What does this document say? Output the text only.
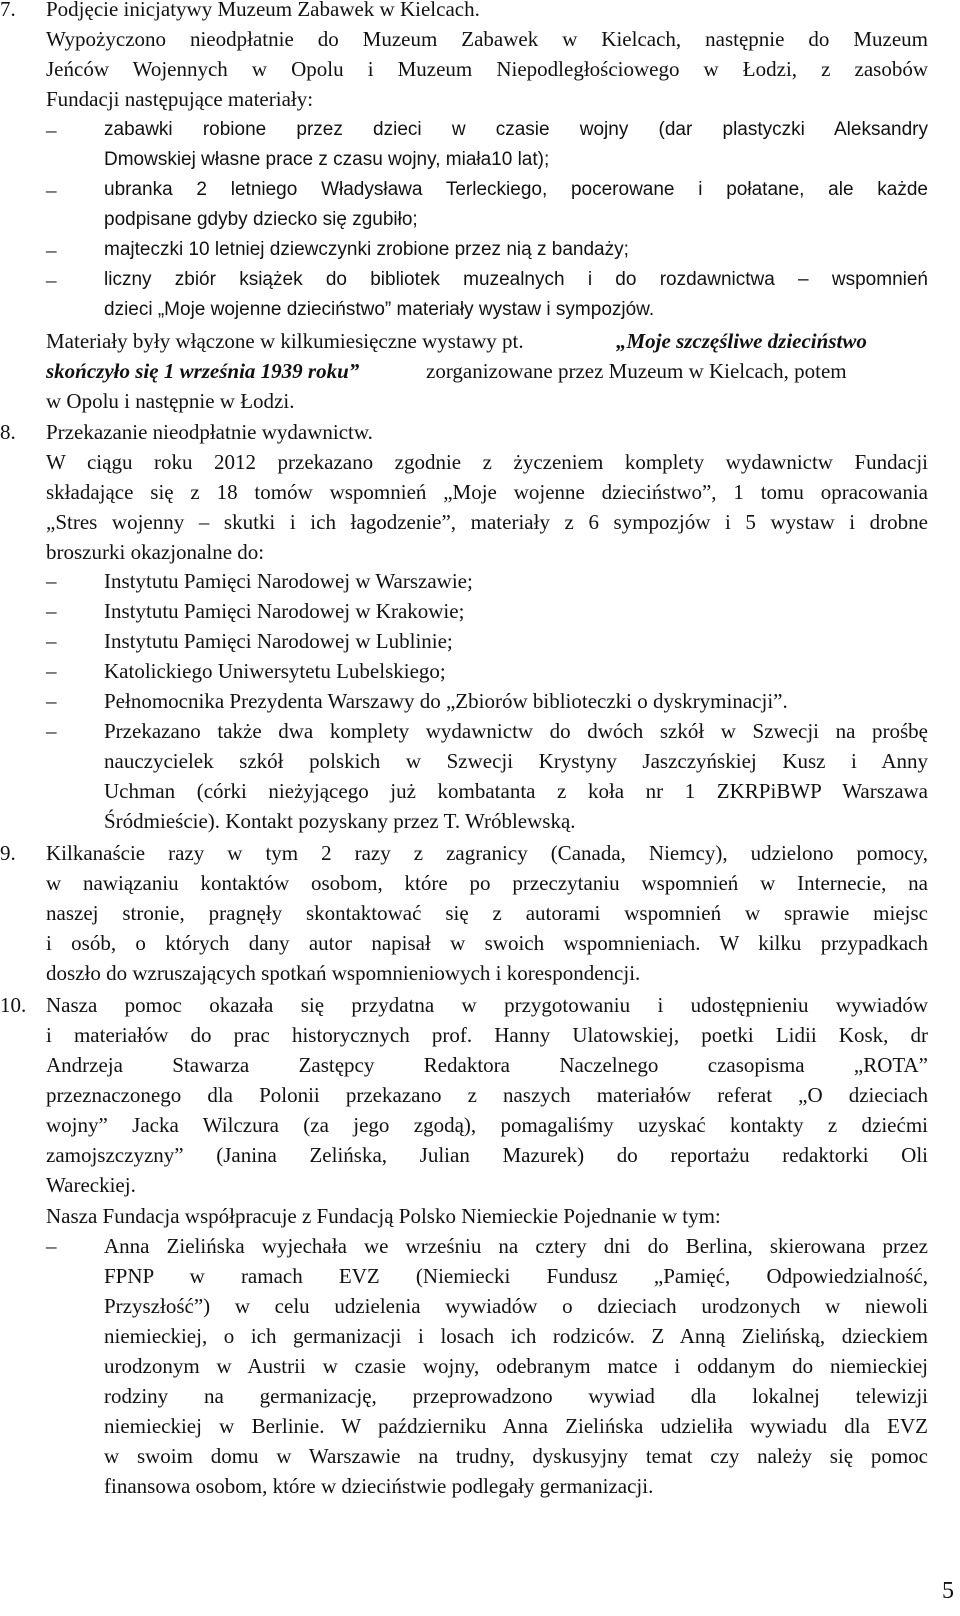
7. Podjęcie inicjatywy Muzeum Zabawek w Kielcach.
Wypożyczono nieodpłatnie do Muzeum Zabawek w Kielcach, następnie do Muzeum
Jeńców Wojennych w Opolu i Muzeum Niepodległościowego w Łodzi, z zasobów
Fundacji następujące materiały:
–	zabawki robione przez dzieci w czasie wojny (dar plastyczki Aleksandry
Dmowskiej własne prace z czasu wojny, miała10 lat);
–	ubranka 2 letniego Władysława Terleckiego, pocerowane i połatane, ale każde
podpisane gdyby dziecko się zgubiło;
–	majteczki 10 letniej dziewczynki zrobione przez nią z bandaży;
–	liczny zbiór książek do bibliotek muzealnych i do rozdawnictwa – wspomnień
dzieci „Moje wojenne dzieciństwo” materiały wystaw i sympozjów.
Materiały były włączone w kilkumiesięczne wystawy pt.	„Moje szczęśliwe dzieciństwo
skończyło się 1 września 1939 roku”	zorganizowane przez Muzeum w Kielcach, potem
w Opolu i następnie w Łodzi.
8. Przekazanie nieodpłatnie wydawnictw.
W ciągu roku 2012 przekazano zgodnie z życzeniem komplety wydawnictw Fundacji
składające się z 18 tomów wspomnień „Moje wojenne dzieciństwo”, 1 tomu opracowania
„Stres wojenny – skutki i ich łagodzenie”, materiały z 6 sympozjów i 5 wystaw i drobne
broszurki okazjonalne do:
– Instytutu Pamięci Narodowej w Warszawie;
– Instytutu Pamięci Narodowej w Krakowie;
– Instytutu Pamięci Narodowej w Lublinie;
– Katolickiego Uniwersytetu Lubelskiego;
– Pełnomocnika Prezydenta Warszawy do „Zbiorów biblioteczki o dyskryminacji”.
– Przekazano także dwa komplety wydawnictw do dwóch szkół w Szwecji na prośbę
nauczycielek szkół polskich w Szwecji Krystyny Jaszczyńskiej Kusz i Anny
Uchman (córki nieżyjącego już kombatanta z koła nr 1 ZKRPiBWP Warszawa
Śródmieście). Kontakt pozyskany przez T. Wróblewską.
9. Kilkanaście razy w tym 2 razy z zagranicy (Canada, Niemcy), udzielono pomocy,
w nawiązaniu kontaktów osobom, które po przeczytaniu wspomnień w Internecie, na
naszej stronie, pragnęły skontaktować się z autorami wspomnień w sprawie miejsc
i osób, o których dany autor napisał w swoich wspomnieniach. W kilku przypadkach
doszło do wzruszających spotkań wspomnieniowych i korespondencji.
10. Nasza pomoc okazała się przydatna w przygotowaniu i udostępnieniu wywiadów
i materiałów do prac historycznych prof. Hanny Ulatowskiej, poetki Lidii Kosk, dr
Andrzeja Stawarza Zastępcy Redaktora Naczelnego czasopisma „ROTA”
przeznaczonego dla Polonii przekazano z naszych materiałów referat „O dzieciach
wojny” Jacka Wilczura (za jego zgodą), pomagaliśmy uzyskać kontakty z dziećmi
zamojszczyzny” (Janina Zelińska, Julian Mazurek) do reportażu redaktorki Oli
Wareckiej.
Nasza Fundacja współpracuje z Fundacją Polsko Niemieckie Pojednanie w tym:
– Anna Zielińska wyjechała we wrześniu na cztery dni do Berlina, skierowana przez
FPNP w ramach EVZ (Niemiecki Fundusz „Pamięć, Odpowiedzialność,
Przyszłość”) w celu udzielenia wywiadów o dzieciach urodzonych w niewoli
niemieckiej, o ich germanizacji i losach ich rodziców. Z Anną Zielińską, dzieckiem
urodzonym w Austrii w czasie wojny, odebranym matce i oddanym do niemieckiej
rodziny na germanizację, przeprowadzono wywiad dla lokalnej telewizji
niemieckiej w Berlinie. W październiku Anna Zielińska udzieliła wywiadu dla EVZ
w swoim domu w Warszawie na trudny, dyskusyjny temat czy należy się pomoc
finansowa osobom, które w dzieciństwie podlegały germanizacji.
5
